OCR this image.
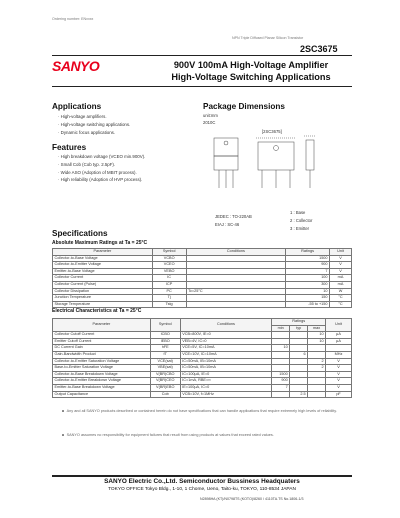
Ordering number: ENxxxx
NPN Triple Diffused Planar Silicon Transistor
2SC3675
SANYO	900V 100mA High-Voltage Amplifier
High-Voltage Switching Applications
Applications
· High-voltage amplifiers.
· High-voltage switching applications.
· Dynamic focus applications.
Features
· High breakdown voltage (VCEO min.900V).
· Small Cob (Cob typ. 2.5pF).
· Wide ASO (Adoption of MBIT process).
· High reliability (Adoption of HVP process).
Package Dimensions
unit:mm
2010C
[2SC3675]
1 : Base
2 : Collector
3 : Emitter
JEDEC : TO-220AB
EIAJ : SC-46
Specifications
Absolute Maximum Ratings at Ta = 25°C
Parameter	Symbol	Conditions	Ratings	Unit
Collector-to-Base Voltage	VCBO		1500	V
Collector-to-Emitter Voltage	VCEO		900	V
Emitter-to-Base Voltage	VEBO		7	V
Collector Current	IC		100	mA
Collector Current (Pulse)	ICP		300	mA
Collector Dissipation	PC	Tc=25°C	10	W
Junction Temperature	Tj		150	°C
Storage Temperature	Tstg		-55 to +150	°C
Electrical Characteristics at Ta = 25°C
Parameter	Symbol	Conditions	Ratings			Unit
			min	typ	max	
Collector Cutoff Current	ICBO	VCB=800V, IE=0			10	μA
Emitter Cutoff Current	IEBO	VEB=4V, IC=0			10	μA
DC Current Gain	hFE	VCE=5V, IC=10mA	10			
Gain-Bandwidth Product	fT	VCE=10V, IC=10mA		6		MHz
Collector-to-Emitter Saturation Voltage	VCE(sat)	IC=50mA, IB=10mA			2	V
Base-to-Emitter Saturation Voltage	VBE(sat)	IC=50mA, IB=10mA			2	V
Collector-to-Base Breakdown Voltage	V(BR)CBO	IC=100μA, IE=0	1500			V
Collector-to-Emitter Breakdown Voltage	V(BR)CEO	IC=1mA, RBE=∞	900			V
Emitter-to-Base Breakdown Voltage	V(BR)EBO	IE=100μA, IC=0	7			V
Output Capacitance	Cob	VCB=10V, f=1MHz		2.5		pF
Any and all SANYO products described or contained herein do not have specifications that can handle applications that require extremely high levels of reliability.
SANYO assumes no responsibility for equipment failures that result from using products at values that exceed rated values.
SANYO Electric Co.,Ltd. Semiconductor Bussiness Headquaters
TOKYO OFFICE Tokyo Bldg., 1-10, 1 Chome, Ueno, Taito-ku, TOKYO, 110-8534 JAPAN
N2898HA (KT)/N0798TS (KOTO)/8260 / 4110TA.TS No.1806-1/3
